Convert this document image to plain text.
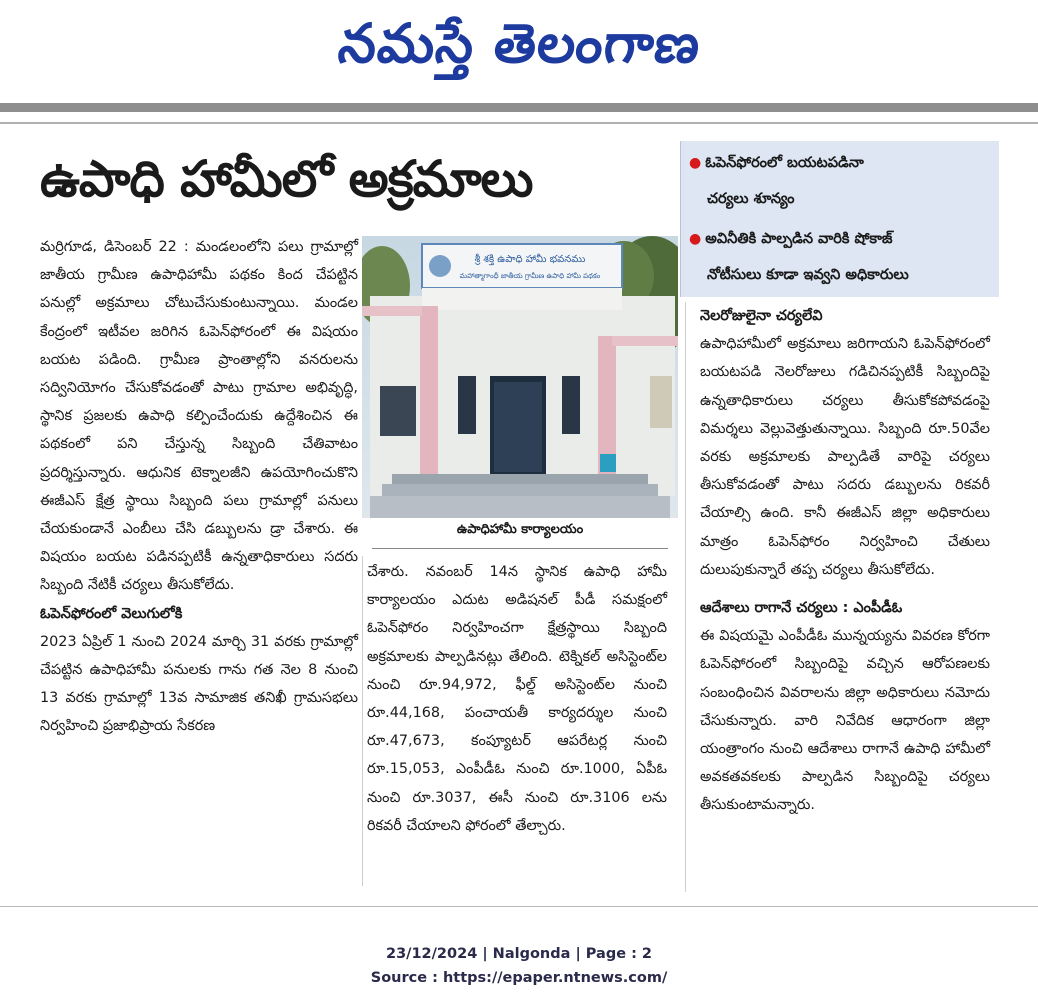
నమస్తే తెలంగాణ
ఉపాధి హామీలో అక్రమాలు	● ఓపెన్‌ఫోరంలో బయటపడినా
చర్యలు శూన్యం
● అవినీతికి పాల్పడిన వారికి షోకాజ్
నోటీసులు కూడా ఇవ్వని అధికారులు

మర్రిగూడ, డిసెంబర్ 22 : మండలంలోని పలు గ్రామాల్లో జాతీయ గ్రామీణ ఉపాధిహామీ పథకం కింద చేపట్టిన పనుల్లో అక్రమాలు చోటుచేసుకుంటున్నాయి. మండల కేంద్రంలో ఇటీవల జరిగిన ఓపెన్‌ఫోరంలో ఈ విషయం బయట పడింది. గ్రామీణ ప్రాంతాల్లోని వనరులను సద్వినియోగం చేసుకోవడంతో పాటు గ్రామాల అభివృద్ధి, స్థానిక ప్రజలకు ఉపాధి కల్పించేందుకు ఉద్దేశించిన ఈ పథకంలో పని చేస్తున్న సిబ్బంది చేతివాటం ప్రదర్శిస్తున్నారు. ఆధునిక టెక్నాలజీని ఉపయోగించుకొని ఈజీఎస్ క్షేత్ర స్థాయి సిబ్బంది పలు గ్రామాల్లో పనులు చేయకుండానే ఎంబీలు చేసి డబ్బులను డ్రా చేశారు. ఈ విషయం బయట పడినప్పటికీ ఉన్నతాధికారులు సదరు సిబ్బంది నేటికీ చర్యలు తీసుకోలేదు.

ఓపెన్‌ఫోరంలో వెలుగులోకి

2023 ఏప్రిల్ 1 నుంచి 2024 మార్చి 31 వరకు గ్రామాల్లో చేపట్టిన ఉపాధిహామీ పనులకు గాను గత నెల 8 నుంచి 13 వరకు గ్రామాల్లో 13వ సామాజిక తనిఖీ గ్రామసభలు నిర్వహించి ప్రజాభిప్రాయ సేకరణ

శ్రీ శక్తి ఉపాధి హామీ భవనము
మహాత్మాగాంధీ జాతీయ గ్రామీణ ఉపాధి హామీ పథకం
ఉపాధిహామీ కార్యాలయం

చేశారు. నవంబర్ 14న స్థానిక ఉపాధి హామీ కార్యాలయం ఎదుట అడిషనల్ పీడీ సమక్షంలో ఓపెన్‌ఫోరం నిర్వహించగా క్షేత్రస్థాయి సిబ్బంది అక్రమాలకు పాల్పడినట్లు తేలింది. టెక్నికల్ అసిస్టెంట్‌ల నుంచి రూ.94,972, ఫీల్డ్ అసిస్టెంట్‌ల నుంచి రూ.44,168, పంచాయతీ కార్యదర్శుల నుంచి రూ.47,673, కంప్యూటర్ ఆపరేటర్ల నుంచి రూ.15,053, ఎంపీడీఓ నుంచి రూ.1000, ఏపీఓ నుంచి రూ.3037, ఈసీ నుంచి రూ.3106 లను రికవరీ చేయాలని ఫోరంలో తేల్చారు.

నెలరోజులైనా చర్యలేవి

ఉపాధిహామీలో అక్రమాలు జరిగాయని ఓపెన్‌ఫోరంలో బయటపడి నెలరోజులు గడిచినప్పటికీ సిబ్బందిపై ఉన్నతాధికారులు చర్యలు తీసుకోకపోవడంపై విమర్శలు వెల్లువెత్తుతున్నాయి. సిబ్బంది రూ.50వేల వరకు అక్రమాలకు పాల్పడితే వారిపై చర్యలు తీసుకోవడంతో పాటు సదరు డబ్బులను రికవరీ చేయాల్సి ఉంది. కానీ ఈజీఎస్ జిల్లా అధికారులు మాత్రం ఓపెన్‌ఫోరం నిర్వహించి చేతులు దులుపుకున్నారే తప్ప చర్యలు తీసుకోలేదు.

ఆదేశాలు రాగానే చర్యలు : ఎంపీడీఓ

ఈ విషయమై ఎంపీడీఓ మున్నయ్యను వివరణ కోరగా ఓపెన్‌ఫోరంలో సిబ్బందిపై వచ్చిన ఆరోపణలకు సంబంధించిన వివరాలను జిల్లా అధికారులు నమోదు చేసుకున్నారు. వారి నివేదిక ఆధారంగా జిల్లా యంత్రాంగం నుంచి ఆదేశాలు రాగానే ఉపాధి హామీలో అవకతవకలకు పాల్పడిన సిబ్బందిపై చర్యలు తీసుకుంటామన్నారు.

23/12/2024 | Nalgonda | Page : 2
Source : https://epaper.ntnews.com/
